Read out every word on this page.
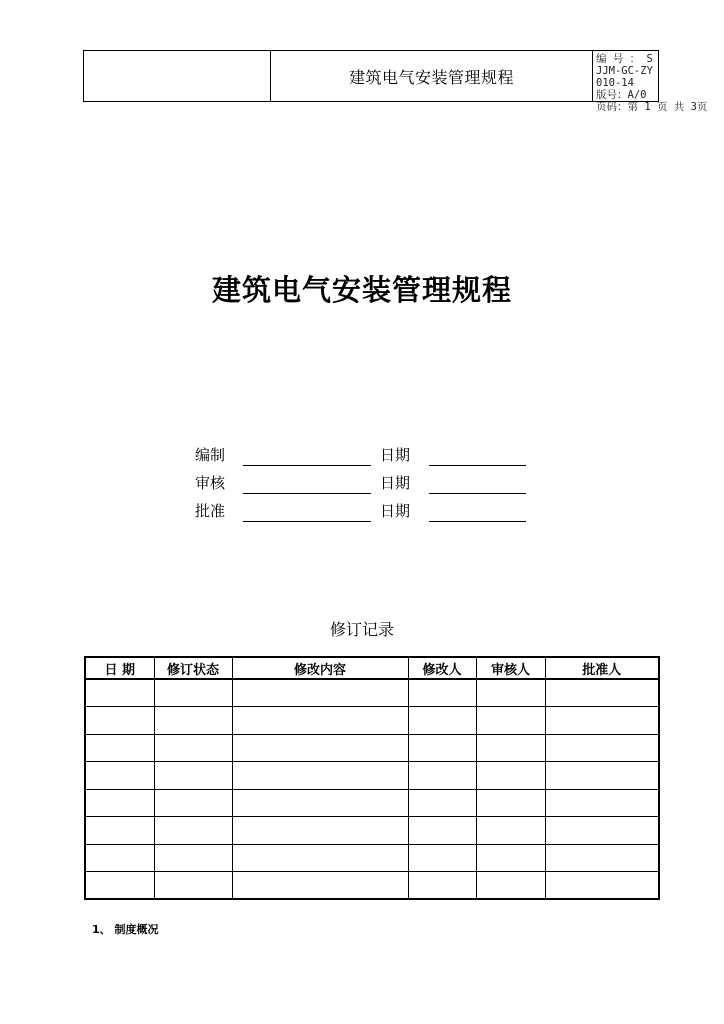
建筑电气安装管理规程
编 号 ： SJJM-GC-ZY010-14
版号：A/0
页码：第 1 页 共 3页
建筑电气安装管理规程
编制	日期
审核	日期
批准	日期
修订记录
日 期	修订状态	修改内容	修改人	审核人	批准人

1、 制度概况
